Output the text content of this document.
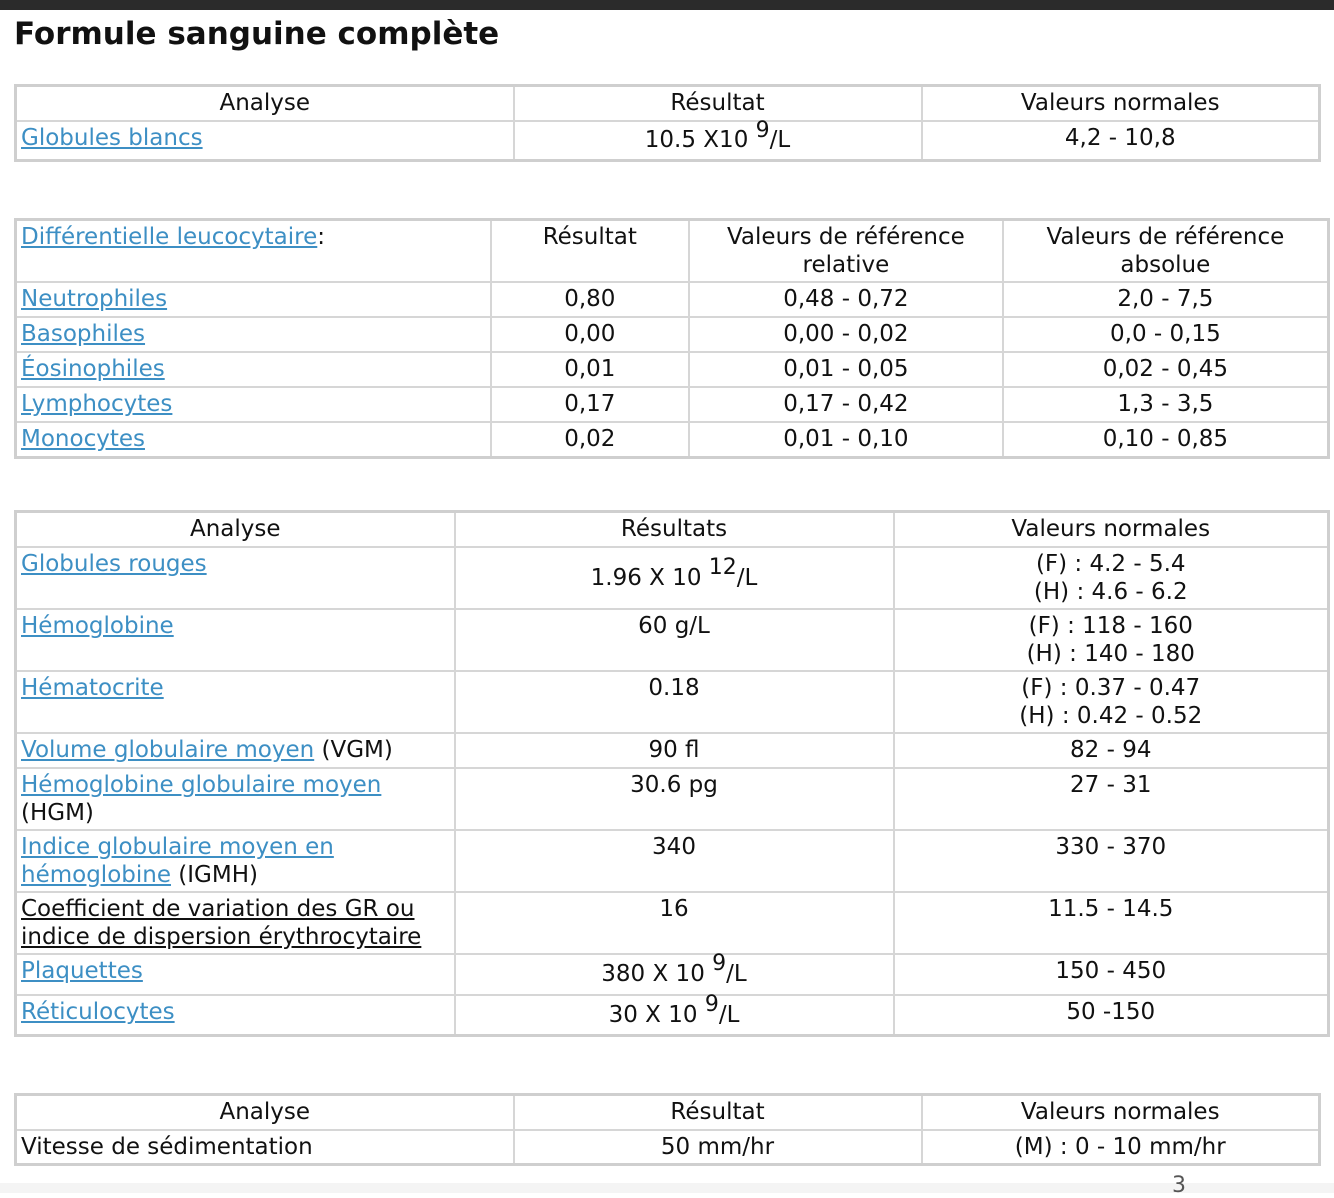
Formule sanguine complète
Analyse	Résultat	Valeurs normales
Globules blancs	10.5 X10 $^9$/L	4,2 - 10,8
Différentielle leucocytaire:	Résultat	Valeurs de référence relative	Valeurs de référence absolue
Neutrophiles	0,80	0,48 - 0,72	2,0 - 7,5
Basophiles	0,00	0,00 - 0,02	0,0 - 0,15
Éosinophiles	0,01	0,01 - 0,05	0,02 - 0,45
Lymphocytes	0,17	0,17 - 0,42	1,3 - 3,5
Monocytes	0,02	0,01 - 0,10	0,10 - 0,85
Analyse	Résultats	Valeurs normales
Globules rouges	1.96 X 10 $^{12}$/L	(F) : 4.2 - 5.4
(H) : 4.6 - 6.2

Hémoglobine	60 g/L	(F) : 118 - 160
(H) : 140 - 180

Hématocrite	0.18	(F) : 0.37 - 0.47
(H) : 0.42 - 0.52

Volume globulaire moyen (VGM)	90 fl	82 - 94

Hémoglobine globulaire moyen
(HGM)	30.6 pg	27 - 31

Indice globulaire moyen en
hémoglobine (IGMH)	340	330 - 370

Coefficient de variation des GR ou
indice de dispersion érythrocytaire	16	11.5 - 14.5
Plaquettes	380 X 10 $^9$/L	150 - 450
Réticulocytes	30 X 10 $^9$/L	50 -150
Analyse	Résultat	Valeurs normales
Vitesse de sédimentation	50 mm/hr	(M) : 0 - 10 mm/hr
3
